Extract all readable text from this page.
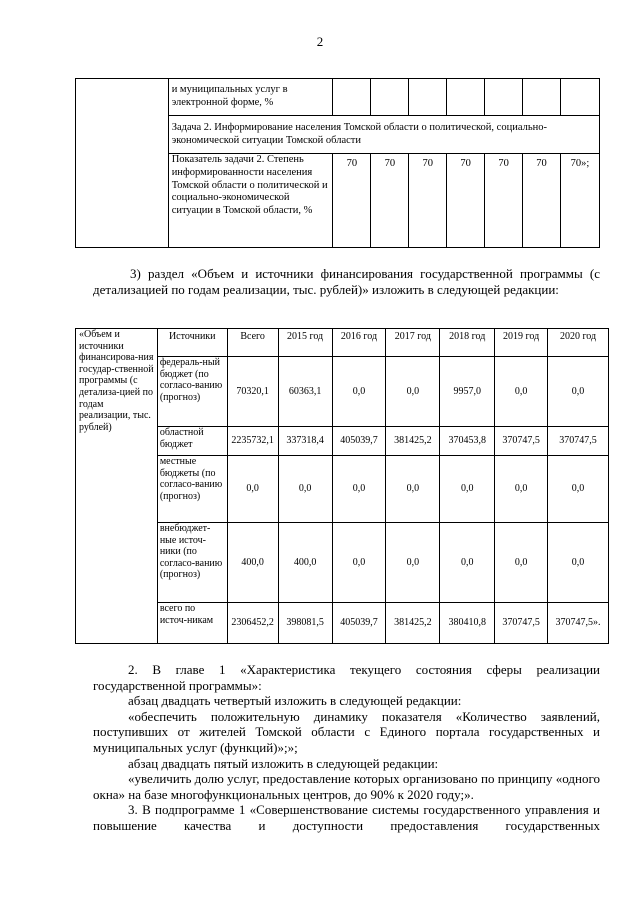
2
	и муниципальных услуг в электронной форме, %							
	Задача 2. Информирование населения Томской области о политической, социально-экономической ситуации Томской области							
	Показатель задачи 2. Степень информированности населения Томской области о политической и социально-экономической ситуации в Томской области, %	70	70	70	70	70	70	70»;
3) раздел «Объем и источники финансирования государственной программы (с детализацией по годам реализации, тыс. рублей)» изложить в следующей редакции:
«Объем и источники финансирова-ния государ-ственной программы (с детализа-цией по годам реализации, тыс. рублей)	Источники	Всего	2015 год	2016 год	2017 год	2018 год	2019 год	2020 год
	федераль-ный бюджет (по согласо-ванию (прогноз)	70320,1	60363,1	0,0	0,0	9957,0	0,0	0,0
	областной бюджет	2235732,1	337318,4	405039,7	381425,2	370453,8	370747,5	370747,5
	местные бюджеты (по согласо-ванию (прогноз)	0,0	0,0	0,0	0,0	0,0	0,0	0,0
	внебюджет-ные источ-ники (по согласо-ванию (прогноз)	400,0	400,0	0,0	0,0	0,0	0,0	0,0
	всего по источ-никам	2306452,2	398081,5	405039,7	381425,2	380410,8	370747,5	370747,5».

2. В главе 1 «Характеристика текущего состояния сферы реализации государственной программы»:

абзац двадцать четвертый изложить в следующей редакции:

«обеспечить положительную динамику показателя «Количество заявлений, поступивших от жителей Томской области с Единого портала государственных и муниципальных услуг (функций)»;»;

абзац двадцать пятый изложить в следующей редакции:

«увеличить долю услуг, предоставление которых организовано по принципу «одного окна» на базе многофункциональных центров, до 90% к 2020 году;».

3. В подпрограмме 1 «Совершенствование системы государственного управления и повышение качества и доступности предоставления государственных
